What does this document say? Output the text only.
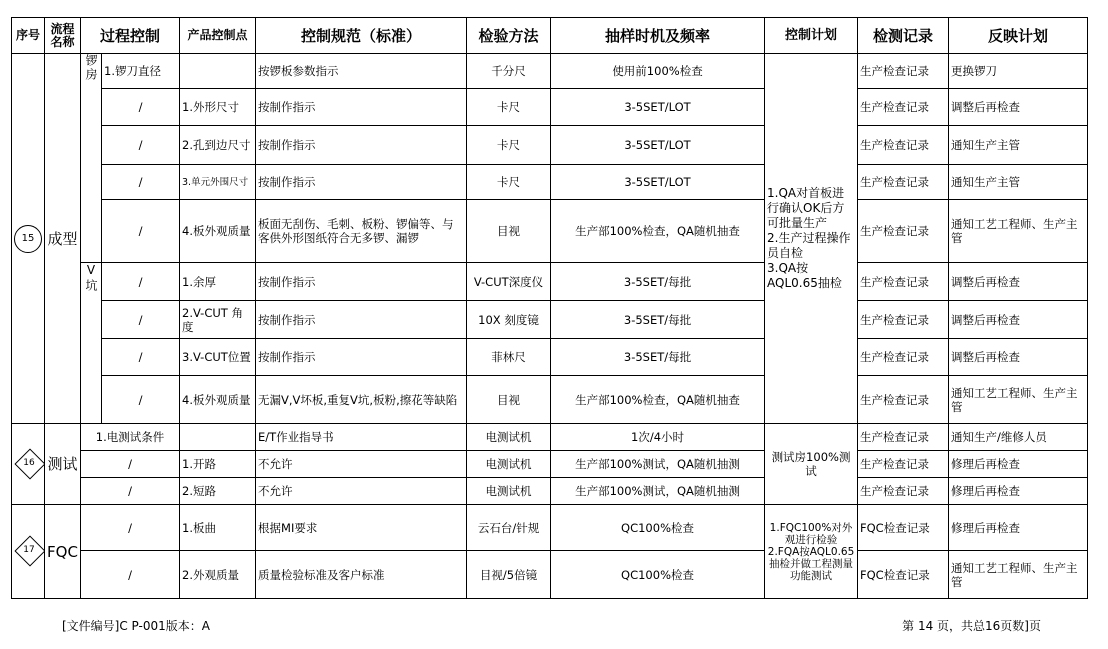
序号	流程名称	过程控制		产品控制点	控制规范（标准）	检验方法	抽样时机及频率	控制计划	检测记录	反映计划
15	成型	锣房	1.锣刀直径		按锣板参数指示	千分尺	使用前100%检查	1.QA对首板进行确认OK后方可批量生产
2.生产过程操作员自检
3.QA按AQL0.65抽检	生产检查记录	更换锣刀
			/	1.外形尺寸	按制作指示	卡尺	3-5SET/LOT		生产检查记录	调整后再检查
			/	2.孔到边尺寸	按制作指示	卡尺	3-5SET/LOT		生产检查记录	通知生产主管
			/	3.单元外围尺寸	按制作指示	卡尺	3-5SET/LOT		生产检查记录	通知生产主管
			/	4.板外观质量	板面无刮伤、毛刺、板粉、锣偏等、与客供外形图纸符合无多锣、漏锣	目视	生产部100%检查，QA随机抽查		生产检查记录	通知工艺工程师、生产主管
		V坑	/	1.余厚	按制作指示	V-CUT深度仪	3-5SET/每批		生产检查记录	调整后再检查
			/	2.V-CUT 角度	按制作指示	10X 刻度镜	3-5SET/每批		生产检查记录	调整后再检查
			/	3.V-CUT位置	按制作指示	菲林尺	3-5SET/每批		生产检查记录	调整后再检查
			/	4.板外观质量	无漏V,V坏板,重复V坑,板粉,擦花等缺陷	目视	生产部100%检查，QA随机抽查		生产检查记录	通知工艺工程师、生产主管

16	测试	1.电测试条件			E/T作业指导书	电测试机	1次/4小时	测试房100%测试	生产检查记录	通知生产/维修人员
		/		1.开路	不允许	电测试机	生产部100%测试，QA随机抽测		生产检查记录	修理后再检查
		/		2.短路	不允许	电测试机	生产部100%测试，QA随机抽测		生产检查记录	修理后再检查

17	FQC	/		1.板曲	根据MI要求	云石台/针规	QC100%检查	1.FQC100%对外观进行检验
2.FQA按AQL0.65抽检并做工程测量功能测试	FQC检查记录	修理后再检查
		/		2.外观质量	质量检验标准及客户标准	目视/5倍镜	QC100%检查		FQC检查记录	通知工艺工程师、生产主管
[文件编号]C P-001版本：A	第 14 页，共总16页数]页
